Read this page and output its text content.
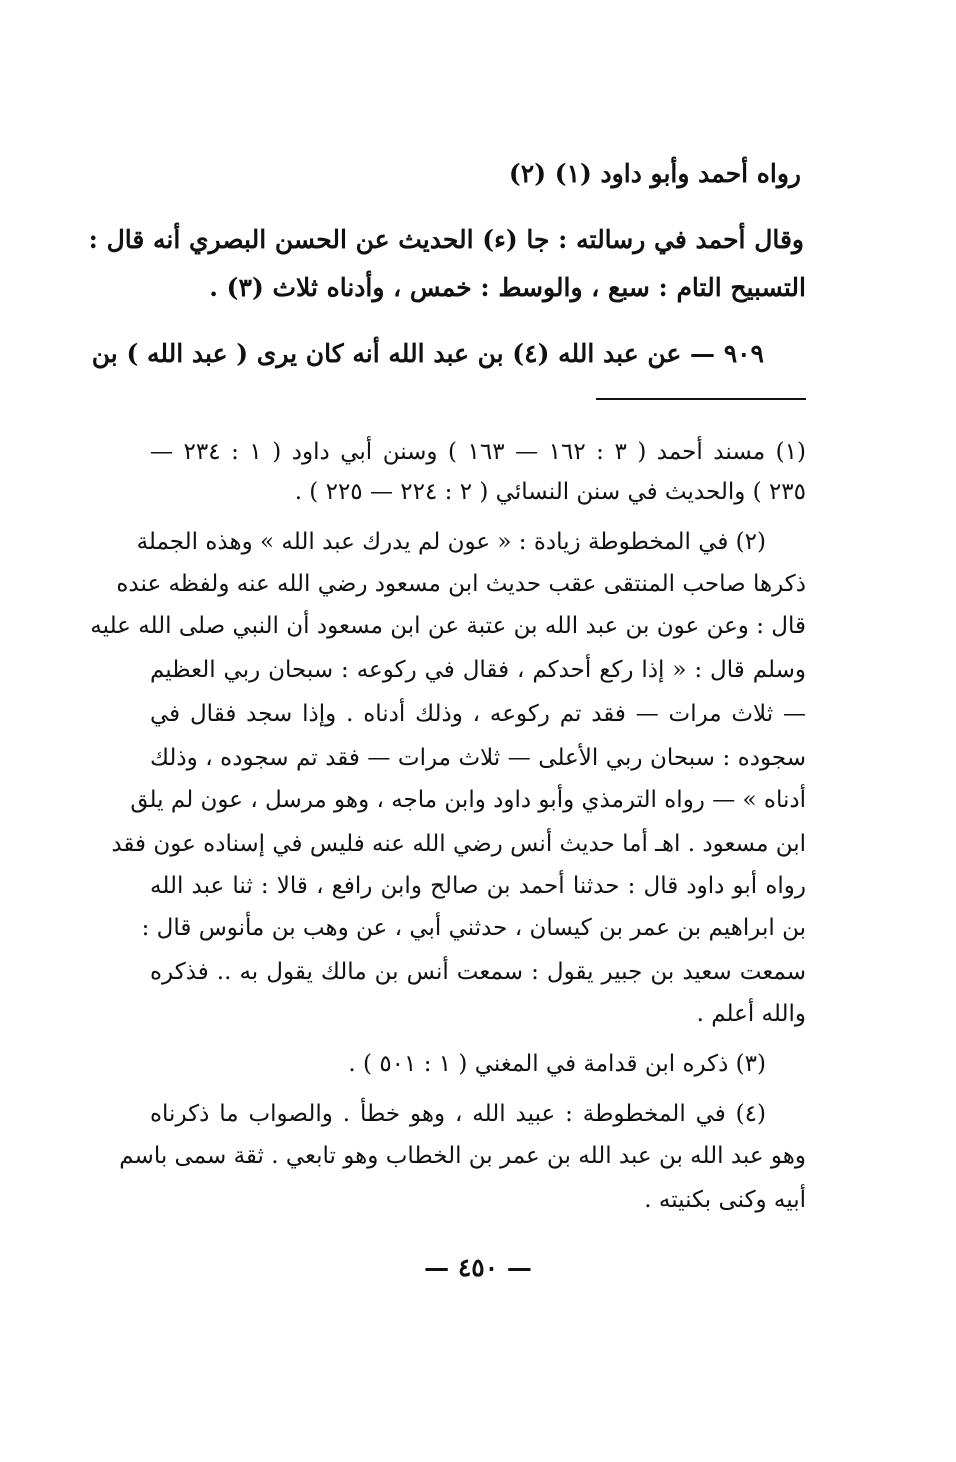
رواه أحمد وأبو داود (١) (٢)
وقال أحمد في رسالته : جا (ء) الحديث عن الحسن البصري أنه قال :
التسبيح التام : سبع ، والوسط : خمس ، وأدناه ثلاث (٣) .
٩٠٩ — عن عبد الله (٤) بن عبد الله أنه كان يرى ( عبد الله ) بن
(١) مسند أحمد ( ٣ : ١٦٢ — ١٦٣ ) وسنن أبي داود ( ١ : ٢٣٤ —
٢٣٥ ) والحديث في سنن النسائي ( ٢ : ٢٢٤ — ٢٢٥ ) .
(٢) في المخطوطة زيادة : « عون لم يدرك عبد الله » وهذه الجملة
ذكرها صاحب المنتقى عقب حديث ابن مسعود رضي الله عنه ولفظه عنده
قال : وعن عون بن عبد الله بن عتبة عن ابن مسعود أن النبي صلى الله عليه
وسلم قال : « إذا ركع أحدكم ، فقال في ركوعه : سبحان ربي العظيم
— ثلاث مرات — فقد تم ركوعه ، وذلك أدناه . وإذا سجد فقال في
سجوده : سبحان ربي الأعلى — ثلاث مرات — فقد تم سجوده ، وذلك
أدناه » — رواه الترمذي وأبو داود وابن ماجه ، وهو مرسل ، عون لم يلق
ابن مسعود . اهـ أما حديث أنس رضي الله عنه فليس في إسناده عون فقد
رواه أبو داود قال : حدثنا أحمد بن صالح وابن رافع ، قالا : ثنا عبد الله
بن ابراهيم بن عمر بن كيسان ، حدثني أبي ، عن وهب بن مأنوس قال :
سمعت سعيد بن جبير يقول : سمعت أنس بن مالك يقول به .. فذكره
والله أعلم .
(٣) ذكره ابن قدامة في المغني ( ١ : ٥٠١ ) .
(٤) في المخطوطة : عبيد الله ، وهو خطأ . والصواب ما ذكرناه
وهو عبد الله بن عبد الله بن عمر بن الخطاب وهو تابعي . ثقة سمى باسم
أبيه وكنى بكنيته .
— ٤٥٠ —
